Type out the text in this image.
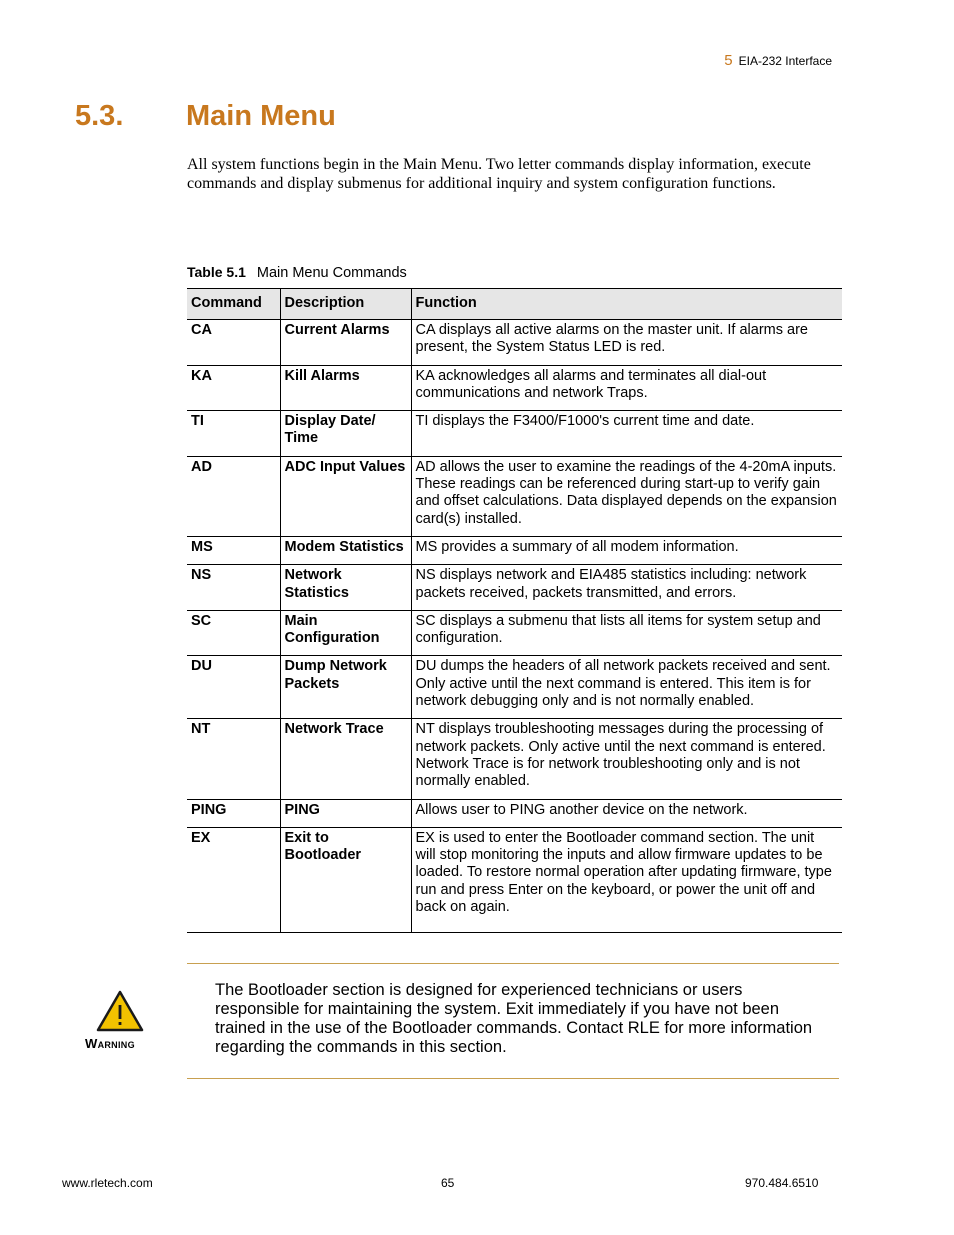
5 EIA-232 Interface
5.3.	Main Menu

All system functions begin in the Main Menu. Two letter commands display information, execute commands and display submenus for additional inquiry and system configuration functions.

Table 5.1 Main Menu Commands
Command	Description	Function
CA	Current Alarms	CA displays all active alarms on the master unit. If alarms are present, the System Status LED is red.
KA	Kill Alarms	KA acknowledges all alarms and terminates all dial-out communications and network Traps.
TI	Display Date/ Time	TI displays the F3400/F1000's current time and date.
AD	ADC Input Values	AD allows the user to examine the readings of the 4-20mA inputs. These readings can be referenced during start-up to verify gain and offset calculations. Data displayed depends on the expansion card(s) installed.
MS	Modem Statistics	MS provides a summary of all modem information.
NS	Network Statistics	NS displays network and EIA485 statistics including: network packets received, packets transmitted, and errors.
SC	Main Configuration	SC displays a submenu that lists all items for system setup and configuration.
DU	Dump Network Packets	DU dumps the headers of all network packets received and sent. Only active until the next command is entered. This item is for network debugging only and is not normally enabled.
NT	Network Trace	NT displays troubleshooting messages during the processing of network packets. Only active until the next command is entered. Network Trace is for network troubleshooting only and is not normally enabled.
PING	PING	Allows user to PING another device on the network.
EX	Exit to Bootloader	EX is used to enter the Bootloader command section. The unit will stop monitoring the inputs and allow firmware updates to be loaded. To restore normal operation after updating firmware, type run and press Enter on the keyboard, or power the unit off and back on again.
Warning
The Bootloader section is designed for experienced technicians or users responsible for maintaining the system. Exit immediately if you have not been trained in the use of the Bootloader commands. Contact RLE for more information regarding the commands in this section.
www.rletech.com	65	970.484.6510
